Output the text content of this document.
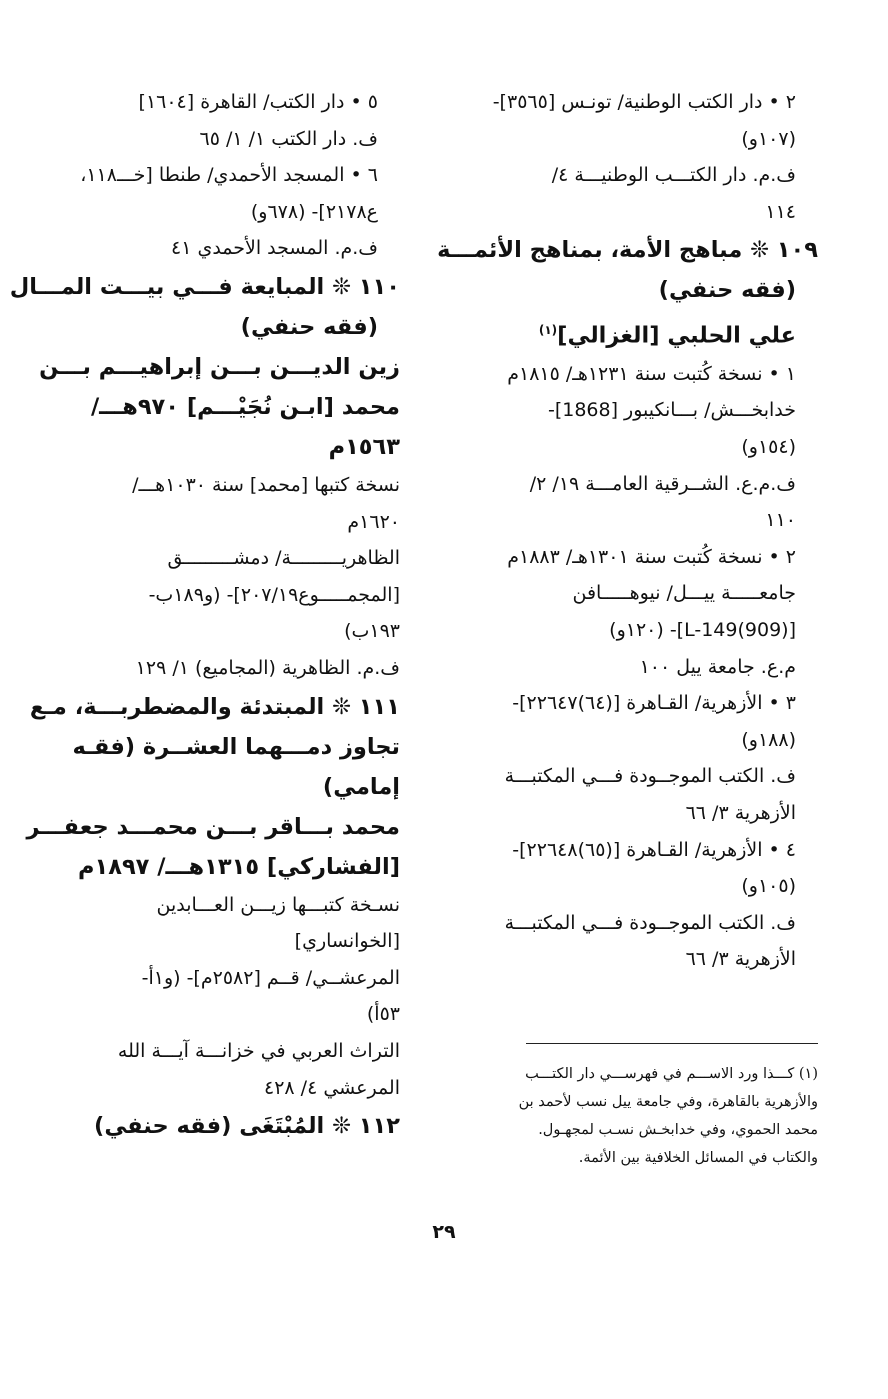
٢ • دار الكتب الوطنية/ تونـس [٣٥٦٥]-
(١٠٧و)
ف.م. دار الكتـــب الوطنيـــة ٤/
١١٤
١٠٩ ❊ مباهج الأمة، بمناهج الأئمـــة
(فقه حنفي)
علي الحلبي [الغزالي]$^{(١)}$
١ • نسخة كُتبت سنة ١٢٣١هـ/ ١٨١٥م
خدابخـــش/ بـــانكيبور [1868]-
(١٥٤و)
ف.م.ع. الشــرقية العامـــة ١٩/ ٢/
١١٠
٢ • نسخة كُتبت سنة ١٣٠١هـ/ ١٨٨٣م
جامعـــــة ييـــل/ نيوهـــــافن
[L-149(909)]- (١٢٠و)
م.ع. جامعة ييل ١٠٠
٣ • الأزهرية/ القـاهرة [(٦٤)٢٢٦٤٧]-
(١٨٨و)
ف. الكتب الموجــودة فـــي المكتبـــة
الأزهرية ٣/ ٦٦
٤ • الأزهرية/ القـاهرة [(٦٥)٢٢٦٤٨]-
(١٠٥و)
ف. الكتب الموجــودة فـــي المكتبـــة
الأزهرية ٣/ ٦٦
٥ • دار الكتب/ القاهرة [١٦٠٤]
ف. دار الكتب ١/ ١/ ٦٥
٦ • المسجد الأحمدي/ طنطا [خـــ١١٨،
ع٢١٧٨]- (٦٧٨و)
ف.م. المسجد الأحمدي ٤١
١١٠ ❊ المبايعة فـــي بيـــت المـــال
(فقه حنفي)
زين الديـــن بـــن إبراهيـــم بـــن
محمد [ابـن نُجَيْـــم] ٩٧٠هـــ/
١٥٦٣م
نسخة كتبها [محمد] سنة ١٠٣٠هـــ/
١٦٢٠م
الظاهريـــــــــة/ دمشـــــــــق
[المجمـــــوع٢٠٧/١٩]- (و١٨٩ب-
١٩٣ب)
ف.م. الظاهرية (المجاميع) ١/ ١٢٩
١١١ ❊ المبتدئة والمضطربـــة، مـع
تجاوز دمـــهما العشــرة (فقـه
إمامي)
محمد بـــاقر بـــن محمـــد جعفـــر
[الفشاركي] ١٣١٥هـــ/ ١٨٩٧م
نسـخة كتبـــها زيـــن العـــابدين
[الخوانساري]
المرعشــي/ قــم [٢٥٨٢م]- (و١أ-
٥٣أ)
التراث العربي في خزانـــة آيـــة الله
المرعشي ٤/ ٤٢٨
١١٢ ❊ المُبْتَغَى (فقه حنفي)
(١) كـــذا ورد الاســـم في فهرســـي دار الكتـــب
والأزهرية بالقاهرة، وفي جامعة ييل نسب لأحمد بن
محمد الحموي، وفي خدابخـش نسـب لمجهـول.
والكتاب في المسائل الخلافية بين الأئمة.
٢٩
